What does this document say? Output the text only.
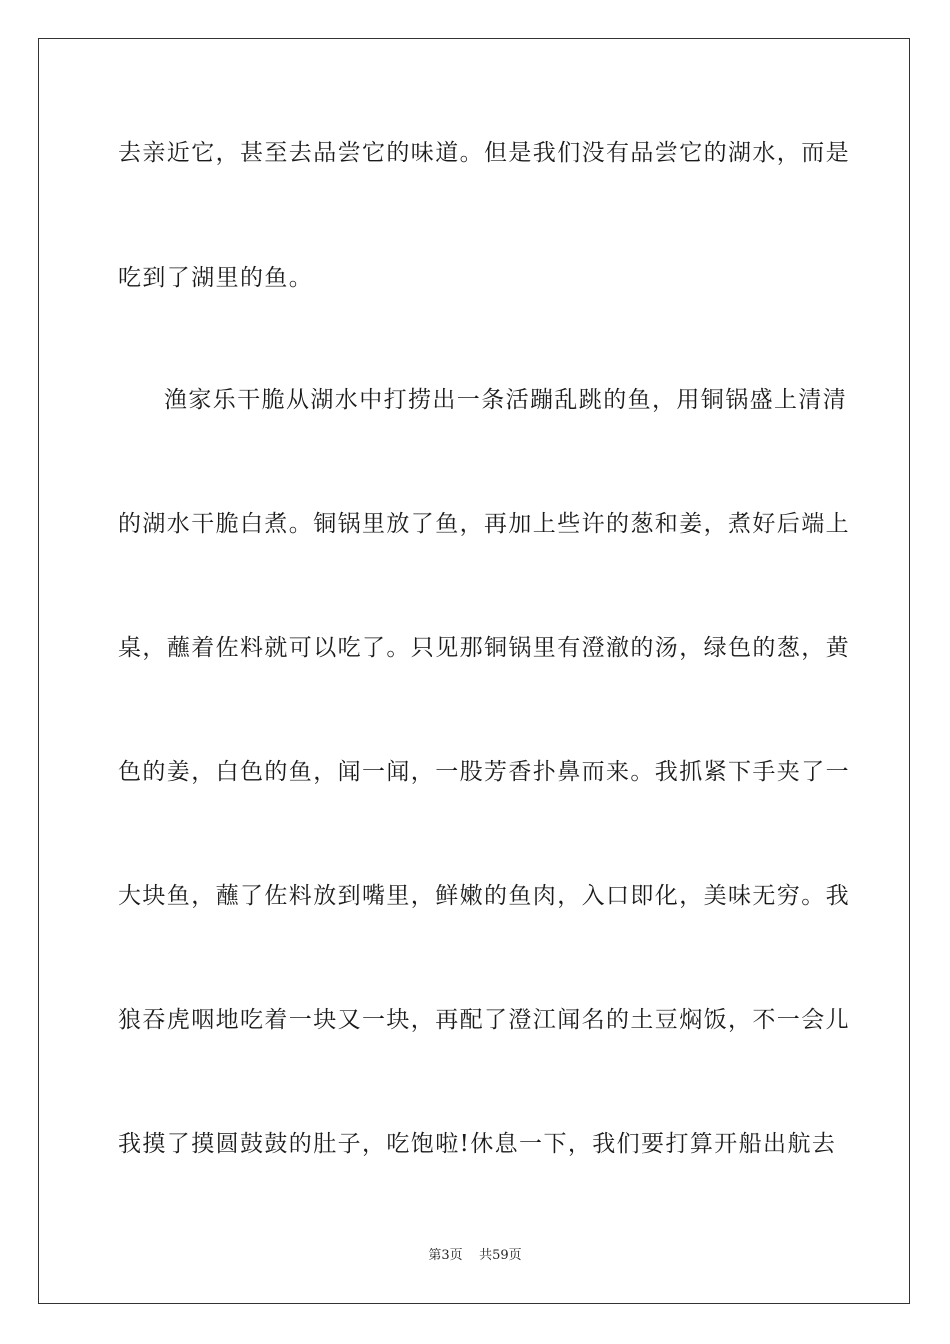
去亲近它，甚至去品尝它的味道。但是我们没有品尝它的湖水，而是
吃到了湖里的鱼。
渔家乐干脆从湖水中打捞出一条活蹦乱跳的鱼，用铜锅盛上清清
的湖水干脆白煮。铜锅里放了鱼，再加上些许的葱和姜，煮好后端上
桌，蘸着佐料就可以吃了。只见那铜锅里有澄澈的汤，绿色的葱，黄
色的姜，白色的鱼，闻一闻，一股芳香扑鼻而来。我抓紧下手夹了一
大块鱼，蘸了佐料放到嘴里，鲜嫩的鱼肉，入口即化，美味无穷。我
狼吞虎咽地吃着一块又一块，再配了澄江闻名的土豆焖饭，不一会儿
我摸了摸圆鼓鼓的肚子，吃饱啦!休息一下，我们要打算开船出航去
第3页    共59页
